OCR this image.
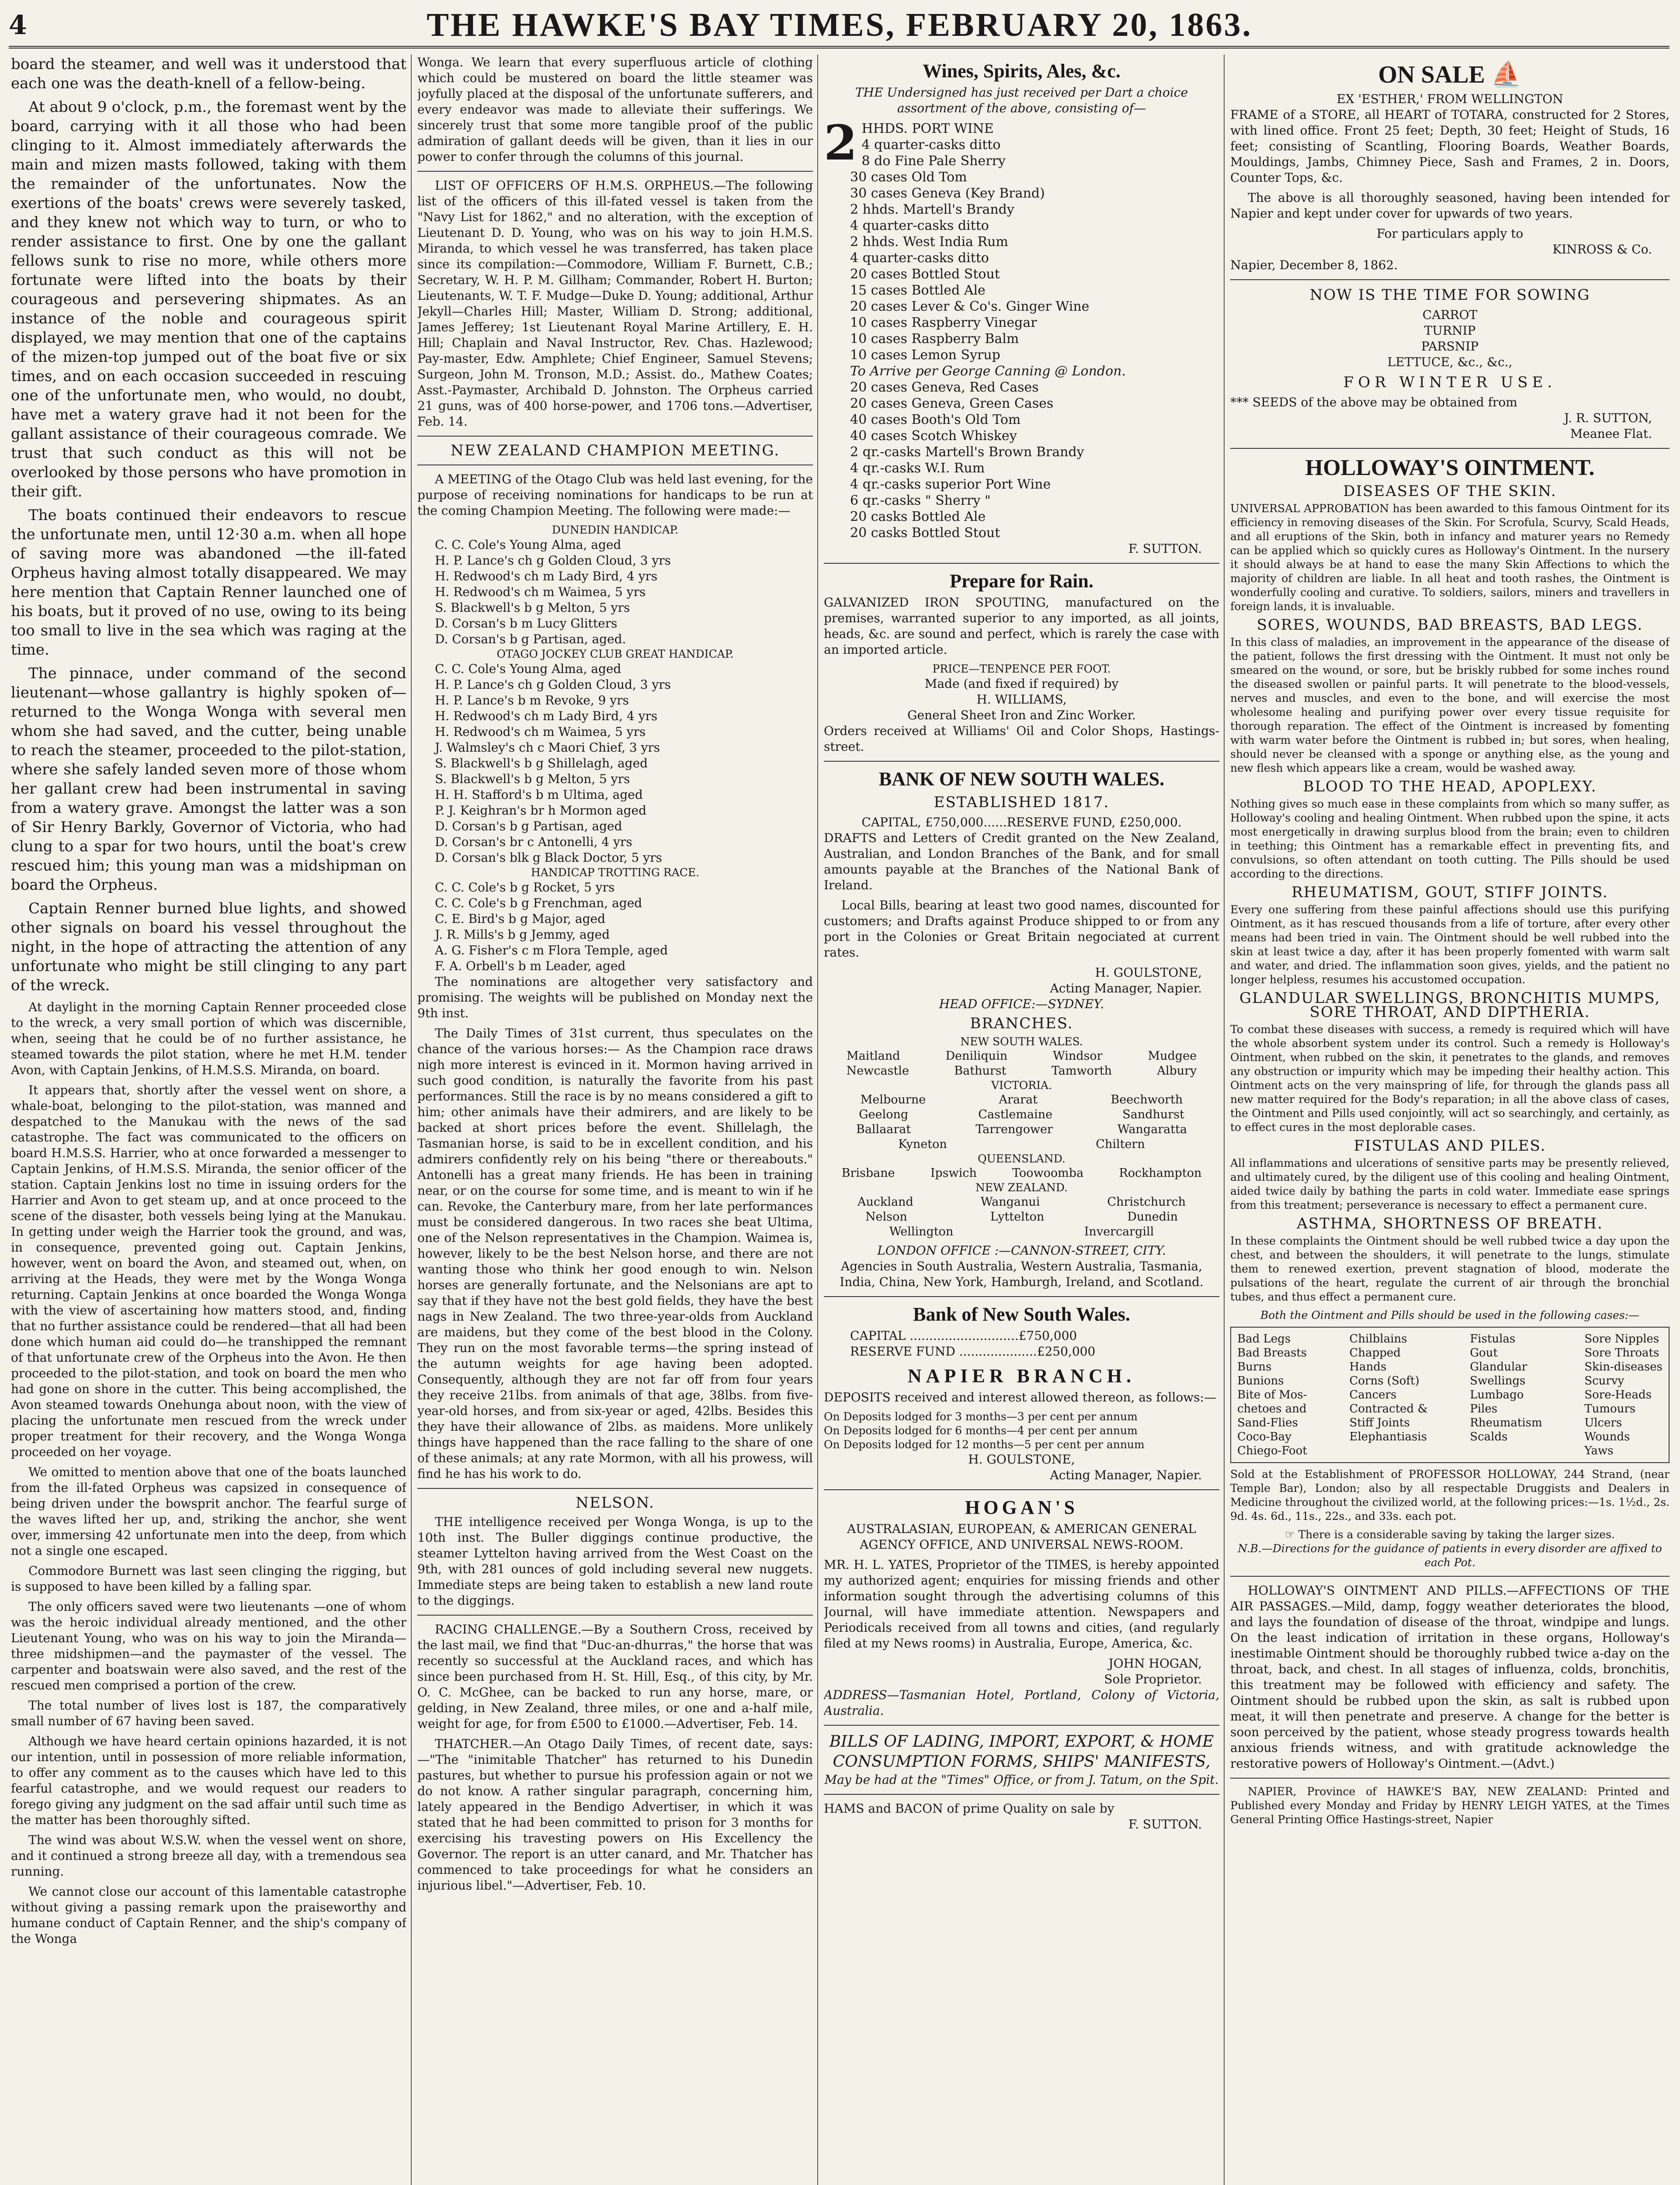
4	THE HAWKE'S BAY TIMES, FEBRUARY 20, 1863.

board the steamer, and well was it understood that each one was the death-knell of a fellow-being.

At about 9 o'clock, p.m., the foremast went by the board, carrying with it all those who had been clinging to it. Almost immediately afterwards the main and mizen masts followed, taking with them the remainder of the unfortunates. Now the exertions of the boats' crews were severely tasked, and they knew not which way to turn, or who to render assistance to first. One by one the gallant fellows sunk to rise no more, while others more fortunate were lifted into the boats by their courageous and persevering shipmates. As an instance of the noble and courageous spirit displayed, we may mention that one of the captains of the mizen-top jumped out of the boat five or six times, and on each occasion succeeded in rescuing one of the unfortunate men, who would, no doubt, have met a watery grave had it not been for the gallant assistance of their courageous comrade. We trust that such conduct as this will not be overlooked by those persons who have promotion in their gift.

The boats continued their endeavors to rescue the unfortunate men, until 12·30 a.m. when all hope of saving more was abandoned —the ill-fated Orpheus having almost totally disappeared. We may here mention that Captain Renner launched one of his boats, but it proved of no use, owing to its being too small to live in the sea which was raging at the time.

The pinnace, under command of the second lieutenant—whose gallantry is highly spoken of—returned to the Wonga Wonga with several men whom she had saved, and the cutter, being unable to reach the steamer, proceeded to the pilot-station, where she safely landed seven more of those whom her gallant crew had been instrumental in saving from a watery grave. Amongst the latter was a son of Sir Henry Barkly, Governor of Victoria, who had clung to a spar for two hours, until the boat's crew rescued him; this young man was a midshipman on board the Orpheus.

Captain Renner burned blue lights, and showed other signals on board his vessel throughout the night, in the hope of attracting the attention of any unfortunate who might be still clinging to any part of the wreck.

At daylight in the morning Captain Renner proceeded close to the wreck, a very small portion of which was discernible, when, seeing that he could be of no further assistance, he steamed towards the pilot station, where he met H.M. tender Avon, with Captain Jenkins, of H.M.S.S. Miranda, on board.

It appears that, shortly after the vessel went on shore, a whale-boat, belonging to the pilot-station, was manned and despatched to the Manukau with the news of the sad catastrophe. The fact was communicated to the officers on board H.M.S.S. Harrier, who at once forwarded a messenger to Captain Jenkins, of H.M.S.S. Miranda, the senior officer of the station. Captain Jenkins lost no time in issuing orders for the Harrier and Avon to get steam up, and at once proceed to the scene of the disaster, both vessels being lying at the Manukau. In getting under weigh the Harrier took the ground, and was, in consequence, prevented going out. Captain Jenkins, however, went on board the Avon, and steamed out, when, on arriving at the Heads, they were met by the Wonga Wonga returning. Captain Jenkins at once boarded the Wonga Wonga with the view of ascertaining how matters stood, and, finding that no further assistance could be rendered—that all had been done which human aid could do—he transhipped the remnant of that unfortunate crew of the Orpheus into the Avon. He then proceeded to the pilot-station, and took on board the men who had gone on shore in the cutter. This being accomplished, the Avon steamed towards Onehunga about noon, with the view of placing the unfortunate men rescued from the wreck under proper treatment for their recovery, and the Wonga Wonga proceeded on her voyage.

We omitted to mention above that one of the boats launched from the ill-fated Orpheus was capsized in consequence of being driven under the bowsprit anchor. The fearful surge of the waves lifted her up, and, striking the anchor, she went over, immersing 42 unfortunate men into the deep, from which not a single one escaped.

Commodore Burnett was last seen clinging the rigging, but is supposed to have been killed by a falling spar.

The only officers saved were two lieutenants —one of whom was the heroic individual already mentioned, and the other Lieutenant Young, who was on his way to join the Miranda—three midshipmen—and the paymaster of the vessel. The carpenter and boatswain were also saved, and the rest of the rescued men comprised a portion of the crew.

The total number of lives lost is 187, the comparatively small number of 67 having been saved.

Although we have heard certain opinions hazarded, it is not our intention, until in possession of more reliable information, to offer any comment as to the causes which have led to this fearful catastrophe, and we would request our readers to forego giving any judgment on the sad affair until such time as the matter has been thoroughly sifted.

The wind was about W.S.W. when the vessel went on shore, and it continued a strong breeze all day, with a tremendous sea running.

We cannot close our account of this lamentable catastrophe without giving a passing remark upon the praiseworthy and humane conduct of Captain Renner, and the ship's company of the Wonga

Wonga. We learn that every superfluous article of clothing which could be mustered on board the little steamer was joyfully placed at the disposal of the unfortunate sufferers, and every endeavor was made to alleviate their sufferings. We sincerely trust that some more tangible proof of the public admiration of gallant deeds will be given, than it lies in our power to confer through the columns of this journal.

LIST OF OFFICERS OF H.M.S. ORPHEUS.—The following list of the officers of this ill-fated vessel is taken from the "Navy List for 1862," and no alteration, with the exception of Lieutenant D. D. Young, who was on his way to join H.M.S. Miranda, to which vessel he was transferred, has taken place since its compilation:—Commodore, William F. Burnett, C.B.; Secretary, W. H. P. M. Gillham; Commander, Robert H. Burton; Lieutenants, W. T. F. Mudge—Duke D. Young; additional, Arthur Jekyll—Charles Hill; Master, William D. Strong; additional, James Jefferey; 1st Lieutenant Royal Marine Artillery, E. H. Hill; Chaplain and Naval Instructor, Rev. Chas. Hazlewood; Pay-master, Edw. Amphlete; Chief Engineer, Samuel Stevens; Surgeon, John M. Tronson, M.D.; Assist. do., Mathew Coates; Asst.-Paymaster, Archibald D. Johnston. The Orpheus carried 21 guns, was of 400 horse-power, and 1706 tons.—Advertiser, Feb. 14.

NEW ZEALAND CHAMPION MEETING.

A MEETING of the Otago Club was held last evening, for the purpose of receiving nominations for handicaps to be run at the coming Champion Meeting. The following were made:—

DUNEDIN HANDICAP.
C. C. Cole's Young Alma, aged
H. P. Lance's ch g Golden Cloud, 3 yrs
H. Redwood's ch m Lady Bird, 4 yrs
H. Redwood's ch m Waimea, 5 yrs
S. Blackwell's b g Melton, 5 yrs
D. Corsan's b m Lucy Glitters
D. Corsan's b g Partisan, aged.
OTAGO JOCKEY CLUB GREAT HANDICAP.
C. C. Cole's Young Alma, aged
H. P. Lance's ch g Golden Cloud, 3 yrs
H. P. Lance's b m Revoke, 9 yrs
H. Redwood's ch m Lady Bird, 4 yrs
H. Redwood's ch m Waimea, 5 yrs
J. Walmsley's ch c Maori Chief, 3 yrs
S. Blackwell's b g Shillelagh, aged
S. Blackwell's b g Melton, 5 yrs
H. H. Stafford's b m Ultima, aged
P. J. Keighran's br h Mormon aged
D. Corsan's b g Partisan, aged
D. Corsan's br c Antonelli, 4 yrs
D. Corsan's blk g Black Doctor, 5 yrs
HANDICAP TROTTING RACE.
C. C. Cole's b g Rocket, 5 yrs
C. C. Cole's b g Frenchman, aged
C. E. Bird's b g Major, aged
J. R. Mills's b g Jemmy, aged
A. G. Fisher's c m Flora Temple, aged
F. A. Orbell's b m Leader, aged

The nominations are altogether very satisfactory and promising. The weights will be published on Monday next the 9th inst.

The Daily Times of 31st current, thus speculates on the chance of the various horses:— As the Champion race draws nigh more interest is evinced in it. Mormon having arrived in such good condition, is naturally the favorite from his past performances. Still the race is by no means considered a gift to him; other animals have their admirers, and are likely to be backed at short prices before the event. Shillelagh, the Tasmanian horse, is said to be in excellent condition, and his admirers confidently rely on his being "there or thereabouts." Antonelli has a great many friends. He has been in training near, or on the course for some time, and is meant to win if he can. Revoke, the Canterbury mare, from her late performances must be considered dangerous. In two races she beat Ultima, one of the Nelson representatives in the Champion. Waimea is, however, likely to be the best Nelson horse, and there are not wanting those who think her good enough to win. Nelson horses are generally fortunate, and the Nelsonians are apt to say that if they have not the best gold fields, they have the best nags in New Zealand. The two three-year-olds from Auckland are maidens, but they come of the best blood in the Colony. They run on the most favorable terms—the spring instead of the autumn weights for age having been adopted. Consequently, although they are not far off from four years they receive 21lbs. from animals of that age, 38lbs. from five-year-old horses, and from six-year or aged, 42lbs. Besides this they have their allowance of 2lbs. as maidens. More unlikely things have happened than the race falling to the share of one of these animals; at any rate Mormon, with all his prowess, will find he has his work to do.

NELSON.

THE intelligence received per Wonga Wonga, is up to the 10th inst. The Buller diggings continue productive, the steamer Lyttelton having arrived from the West Coast on the 9th, with 281 ounces of gold including several new nuggets. Immediate steps are being taken to establish a new land route to the diggings.

RACING CHALLENGE.—By a Southern Cross, received by the last mail, we find that "Duc-an-dhurras," the horse that was recently so successful at the Auckland races, and which has since been purchased from H. St. Hill, Esq., of this city, by Mr. O. C. McGhee, can be backed to run any horse, mare, or gelding, in New Zealand, three miles, or one and a-half mile, weight for age, for from £500 to £1000.—Advertiser, Feb. 14.

THATCHER.—An Otago Daily Times, of recent date, says:—"The "inimitable Thatcher" has returned to his Dunedin pastures, but whether to pursue his profession again or not we do not know. A rather singular paragraph, concerning him, lately appeared in the Bendigo Advertiser, in which it was stated that he had been committed to prison for 3 months for exercising his travesting powers on His Excellency the Governor. The report is an utter canard, and Mr. Thatcher has commenced to take proceedings for what he considers an injurious libel."—Advertiser, Feb. 10.

Wines, Spirits, Ales, &c.

THE Undersigned has just received per Dart a choice assortment of the above, consisting of—

2 HHDS. PORT WINE
4 quarter-casks ditto
8 do Fine Pale Sherry
30 cases Old Tom
30 cases Geneva (Key Brand)
2 hhds. Martell's Brandy
4 quarter-casks ditto
2 hhds. West India Rum
4 quarter-casks ditto
20 cases Bottled Stout
15 cases Bottled Ale
20 cases Lever & Co's. Ginger Wine
10 cases Raspberry Vinegar
10 cases Raspberry Balm
10 cases Lemon Syrup
To Arrive per George Canning @ London.
20 cases Geneva, Red Cases
20 cases Geneva, Green Cases
40 cases Booth's Old Tom
40 cases Scotch Whiskey
2 qr.-casks Martell's Brown Brandy
4 qr.-casks W.I. Rum
4 qr.-casks superior Port Wine
6 qr.-casks " Sherry "
20 casks Bottled Ale
20 casks Bottled Stout
F. SUTTON.
Prepare for Rain.

GALVANIZED IRON SPOUTING, manufactured on the premises, warranted superior to any imported, as all joints, heads, &c. are sound and perfect, which is rarely the case with an imported article.

PRICE—TENPENCE PER FOOT.
Made (and fixed if required) by
H. WILLIAMS,
General Sheet Iron and Zinc Worker.

Orders received at Williams' Oil and Color Shops, Hastings-street.

BANK OF NEW SOUTH WALES.
ESTABLISHED 1817.
CAPITAL, £750,000......RESERVE FUND, £250,000.

DRAFTS and Letters of Credit granted on the New Zealand, Australian, and London Branches of the Bank, and for small amounts payable at the Branches of the National Bank of Ireland.

Local Bills, bearing at least two good names, discounted for customers; and Drafts against Produce shipped to or from any port in the Colonies or Great Britain negociated at current rates.

H. GOULSTONE,
Acting Manager, Napier.
HEAD OFFICE:—SYDNEY.
BRANCHES.
NEW SOUTH WALES.
Maitland	Deniliquin	Windsor	Mudgee
Newcastle	Bathurst	Tamworth	Albury
VICTORIA.
Melbourne	Ararat	Beechworth
Geelong	Castlemaine	Sandhurst
Ballaarat	Tarrengower	Wangaratta
Kyneton	Chiltern
QUEENSLAND.
Brisbane	Ipswich	Toowoomba	Rockhampton
NEW ZEALAND.
Auckland	Wanganui	Christchurch
Nelson	Lyttelton	Dunedin
Wellington	Invercargill
LONDON OFFICE :—CANNON-STREET, CITY.

Agencies in South Australia, Western Australia, Tasmania, India, China, New York, Hamburgh, Ireland, and Scotland.

Bank of New South Wales.
CAPITAL ............................£750,000
RESERVE FUND ....................£250,000
NAPIER BRANCH.

DEPOSITS received and interest allowed thereon, as follows:—

On Deposits lodged for 3 months—3 per cent per annum
On Deposits lodged for 6 months—4 per cent per annum
On Deposits lodged for 12 months—5 per cent per annum
H. GOULSTONE,
Acting Manager, Napier.
HOGAN'S

AUSTRALASIAN, EUROPEAN, & AMERICAN GENERAL AGENCY OFFICE, AND UNIVERSAL NEWS-ROOM.

MR. H. L. YATES, Proprietor of the TIMES, is hereby appointed my authorized agent; enquiries for missing friends and other information sought through the advertising columns of this Journal, will have immediate attention. Newspapers and Periodicals received from all towns and cities, (and regularly filed at my News rooms) in Australia, Europe, America, &c.

JOHN HOGAN,
Sole Proprietor.

ADDRESS—Tasmanian Hotel, Portland, Colony of Victoria, Australia.

BILLS OF LADING, IMPORT, EXPORT, & HOME CONSUMPTION FORMS, SHIPS' MANIFESTS,
May be had at the "Times" Office, or from J. Tatum, on the Spit.
HAMS and BACON of prime Quality on sale by
F. SUTTON.
ON SALE ⛵
EX 'ESTHER,' FROM WELLINGTON

FRAME of a STORE, all HEART of TOTARA, constructed for 2 Stores, with lined office. Front 25 feet; Depth, 30 feet; Height of Studs, 16 feet; consisting of Scantling, Flooring Boards, Weather Boards, Mouldings, Jambs, Chimney Piece, Sash and Frames, 2 in. Doors, Counter Tops, &c.

The above is all thoroughly seasoned, having been intended for Napier and kept under cover for upwards of two years.

For particulars apply to
KINROSS & Co.
Napier, December 8, 1862.
NOW IS THE TIME FOR SOWING
CARROT
TURNIP
PARSNIP
LETTUCE, &c., &c.,
FOR WINTER USE.
*** SEEDS of the above may be obtained from
J. R. SUTTON,
Meanee Flat.
HOLLOWAY'S OINTMENT.
DISEASES OF THE SKIN.

UNIVERSAL APPROBATION has been awarded to this famous Ointment for its efficiency in removing diseases of the Skin. For Scrofula, Scurvy, Scald Heads, and all eruptions of the Skin, both in infancy and maturer years no Remedy can be applied which so quickly cures as Holloway's Ointment. In the nursery it should always be at hand to ease the many Skin Affections to which the majority of children are liable. In all heat and tooth rashes, the Ointment is wonderfully cooling and curative. To soldiers, sailors, miners and travellers in foreign lands, it is invaluable.

SORES, WOUNDS, BAD BREASTS, BAD LEGS.

In this class of maladies, an improvement in the appearance of the disease of the patient, follows the first dressing with the Ointment. It must not only be smeared on the wound, or sore, but be briskly rubbed for some inches round the diseased swollen or painful parts. It will penetrate to the blood-vessels, nerves and muscles, and even to the bone, and will exercise the most wholesome healing and purifying power over every tissue requisite for thorough reparation. The effect of the Ointment is increased by fomenting with warm water before the Ointment is rubbed in; but sores, when healing, should never be cleansed with a sponge or anything else, as the young and new flesh which appears like a cream, would be washed away.

BLOOD TO THE HEAD, APOPLEXY.

Nothing gives so much ease in these complaints from which so many suffer, as Holloway's cooling and healing Ointment. When rubbed upon the spine, it acts most energetically in drawing surplus blood from the brain; even to children in teething; this Ointment has a remarkable effect in preventing fits, and convulsions, so often attendant on tooth cutting. The Pills should be used according to the directions.

RHEUMATISM, GOUT, STIFF JOINTS.

Every one suffering from these painful affections should use this purifying Ointment, as it has rescued thousands from a life of torture, after every other means had been tried in vain. The Ointment should be well rubbed into the skin at least twice a day, after it has been properly fomented with warm salt and water, and dried. The inflammation soon gives, yields, and the patient no longer helpless, resumes his accustomed occupation.

GLANDULAR SWELLINGS, BRONCHITIS MUMPS, SORE THROAT, AND DIPTHERIA.

To combat these diseases with success, a remedy is required which will have the whole absorbent system under its control. Such a remedy is Holloway's Ointment, when rubbed on the skin, it penetrates to the glands, and removes any obstruction or impurity which may be impeding their healthy action. This Ointment acts on the very mainspring of life, for through the glands pass all new matter required for the Body's reparation; in all the above class of cases, the Ointment and Pills used conjointly, will act so searchingly, and certainly, as to effect cures in the most deplorable cases.

FISTULAS AND PILES.

All inflammations and ulcerations of sensitive parts may be presently relieved, and ultimately cured, by the diligent use of this cooling and healing Ointment, aided twice daily by bathing the parts in cold water. Immediate ease springs from this treatment; perseverance is necessary to effect a permanent cure.

ASTHMA, SHORTNESS OF BREATH.

In these complaints the Ointment should be well rubbed twice a day upon the chest, and between the shoulders, it will penetrate to the lungs, stimulate them to renewed exertion, prevent stagnation of blood, moderate the pulsations of the heart, regulate the current of air through the bronchial tubes, and thus effect a permanent cure.

Both the Ointment and Pills should be used in the following cases:—
Bad Legs
Bad Breasts
Burns
Bunions
Bite of Mos-
chetoes and
Sand-Flies
Coco-Bay
Chiego-Foot
Chilblains
Chapped
Hands
Corns (Soft)
Cancers
Contracted &
Stiff Joints
Elephantiasis
Fistulas
Gout
Glandular
Swellings
Lumbago
Piles
Rheumatism
Scalds
Sore Nipples
Sore Throats
Skin-diseases
Scurvy
Sore-Heads
Tumours
Ulcers
Wounds
Yaws

Sold at the Establishment of PROFESSOR HOLLOWAY, 244 Strand, (near Temple Bar), London; also by all respectable Druggists and Dealers in Medicine throughout the civilized world, at the following prices:—1s. 1½d., 2s. 9d. 4s. 6d., 11s., 22s., and 33s. each pot.

☞ There is a considerable saving by taking the larger sizes.

N.B.—Directions for the guidance of patients in every disorder are affixed to each Pot.

HOLLOWAY'S OINTMENT AND PILLS.—AFFECTIONS OF THE AIR PASSAGES.—Mild, damp, foggy weather deteriorates the blood, and lays the foundation of disease of the throat, windpipe and lungs. On the least indication of irritation in these organs, Holloway's inestimable Ointment should be thoroughly rubbed twice a-day on the throat, back, and chest. In all stages of influenza, colds, bronchitis, this treatment may be followed with efficiency and safety. The Ointment should be rubbed upon the skin, as salt is rubbed upon meat, it will then penetrate and preserve. A change for the better is soon perceived by the patient, whose steady progress towards health anxious friends witness, and with gratitude acknowledge the restorative powers of Holloway's Ointment.—(Advt.)

NAPIER, Province of HAWKE'S BAY, NEW ZEALAND: Printed and Published every Monday and Friday by HENRY LEIGH YATES, at the Times General Printing Office Hastings-street, Napier
